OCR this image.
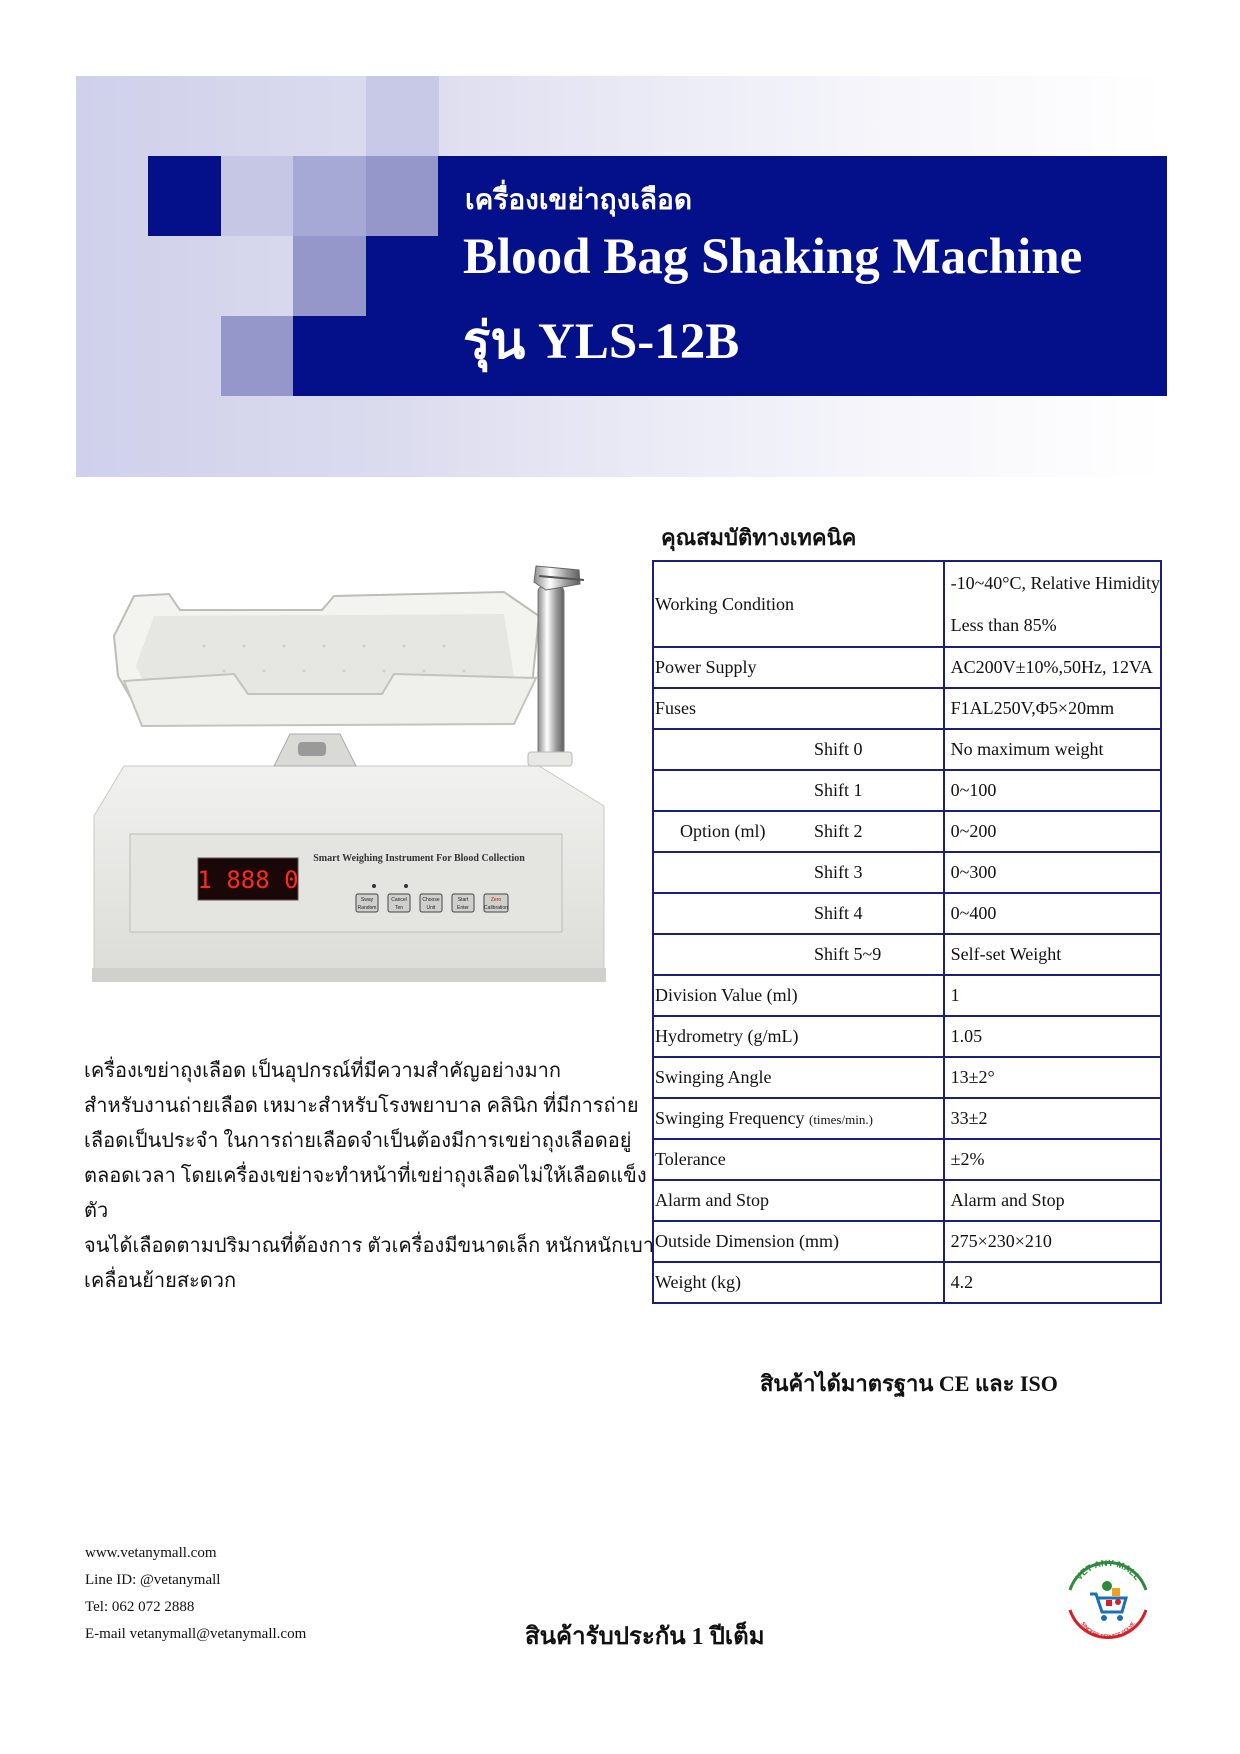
เครื่องเขย่าถุงเลือด
Blood Bag Shaking Machine
รุ่น YLS-12B
1 888 0
Smart Weighing Instrument For Blood Collection
Sway
Random
Cancel
Ten
Choose
Unit
Start
Enter
Zero
Calibration

เครื่องเขย่าถุงเลือด เป็นอุปกรณ์ที่มีความสำคัญอย่างมาก

สำหรับงานถ่ายเลือด เหมาะสำหรับโรงพยาบาล คลินิก ที่มีการถ่าย

เลือดเป็นประจำ ในการถ่ายเลือดจำเป็นต้องมีการเขย่าถุงเลือดอยู่

ตลอดเวลา โดยเครื่องเขย่าจะทำหน้าที่เขย่าถุงเลือดไม่ให้เลือดแข็งตัว

จนได้เลือดตามปริมาณที่ต้องการ ตัวเครื่องมีขนาดเล็ก หนักหนักเบา

เคลื่อนย้ายสะดวก

คุณสมบัติทางเทคนิค
Working Condition	-10~40°C, Relative Himidity
Less than 85%

Power Supply	AC200V±10%,50Hz, 12VA
Fuses	F1AL250V,Φ5×20mm
Shift 0	No maximum weight
Shift 1	0~100

Option (ml) Shift 2	0~200
Shift 3	0~300
Shift 4	0~400
Shift 5~9	Self-set Weight
Division Value (ml)	1
Hydrometry (g/mL)	1.05
Swinging Angle	13±2°
Swinging Frequency (times/min.)	33±2
Tolerance	±2%
Alarm and Stop	Alarm and Stop
Outside Dimension (mm)	275×230×210
Weight (kg)	4.2
สินค้าได้มาตรฐาน CE และ ISO
www.vetanymall.com
Line ID: @vetanymall
Tel: 062 072 2888
E-mail vetanymall@vetanymall.com	สินค้ารับประกัน 1 ปีเต็ม
VET ANY MALL
SINCERE SERVICE SOLVE
